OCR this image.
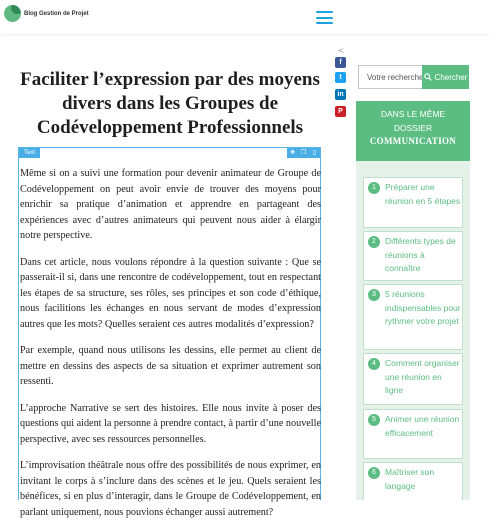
Blog Gestion de Projet
Faciliter l’expression par des moyens divers dans les Groupes de Codéveloppement Professionnels
<
f
t
in
P
Text	✥ ❐	▯

Même si on a suivi une formation pour devenir animateur de Groupe de Codéveloppement on peut avoir envie de trouver des moyens pour enrichir sa pratique d’animation et apprendre en partageant des expériences avec d’autres animateurs qui peuvent nous aider à élargir notre perspective.

Dans cet article, nous voulons répondre à la question suivante : Que se passerait-il si, dans une rencontre de codéveloppement, tout en respectant les étapes de sa structure, ses rôles, ses principes et son code d’éthique, nous facilitions les échanges en nous servant de modes d’expression autres que les mots? Quelles seraient ces autres modalités d’expression?

Par exemple, quand nous utilisons les dessins, elle permet au client de mettre en dessins des aspects de sa situation et exprimer autrement son ressenti.

L’approche Narrative se sert des histoires. Elle nous invite à poser des questions qui aident la personne à prendre contact, à partir d’une nouvelle perspective, avec ses ressources personnelles.

L’improvisation théâtrale nous offre des possibilités de nous exprimer, en invitant le corps à s’inclure dans des scènes et le jeu. Quels seraient les bénéfices, si en plus d’interagir, dans le Groupe de Codéveloppement, en parlant uniquement, nous pouvions échanger aussi autrement?

Votre recherche
Chercher
DANS LE MÊME
DOSSIER
COMMUNICATION
1	Préparer une réunion en 5 étapes
2	Différents types de réunions à connaître
3	5 réunions indispensables pour rythmer votre projet
4	Comment organiser une réunion en ligne
5	Animer une réunion efficacement
6	Maîtriser son langage
